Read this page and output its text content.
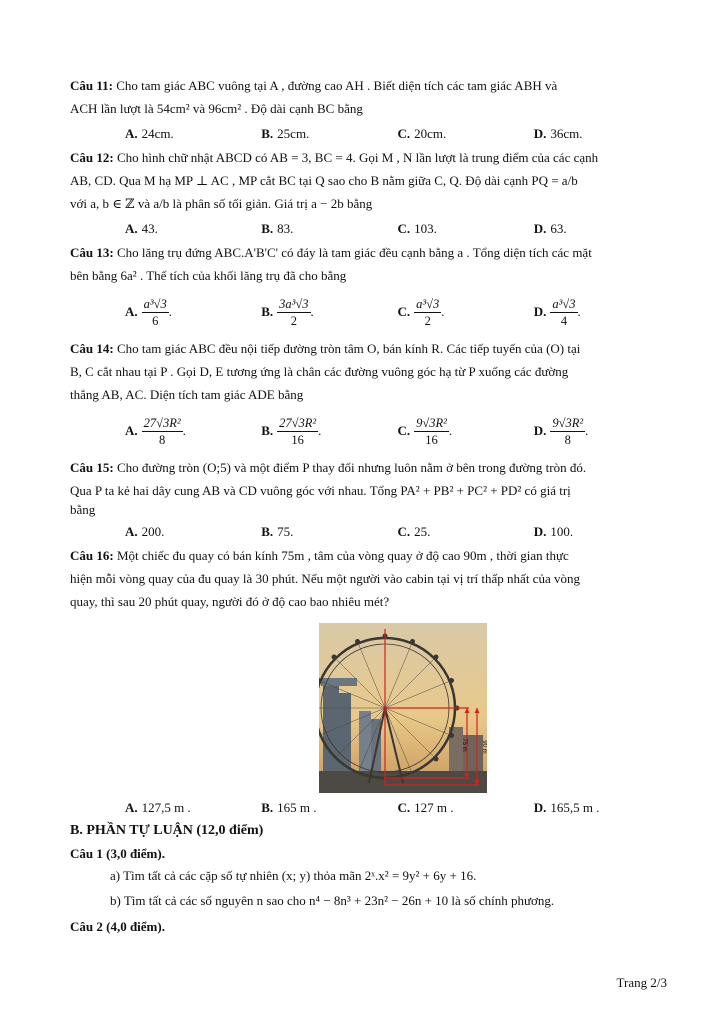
Câu 11: Cho tam giác ABC vuông tại A , đường cao AH . Biết diện tích các tam giác ABH và

ACH lần lượt là 54cm² và 96cm² . Độ dài cạnh BC bằng

A. 24cm.	B. 25cm.	C. 20cm.	D. 36cm.

Câu 12: Cho hình chữ nhật ABCD có AB = 3, BC = 4. Gọi M , N lần lượt là trung điểm của các cạnh

AB, CD. Qua M hạ MP ⊥ AC , MP cắt BC tại Q sao cho B nằm giữa C, Q. Độ dài cạnh PQ = a/b

với a, b ∈ ℤ và a/b là phân số tối giản. Giá trị a − 2b bằng

A. 43.	B. 83.	C. 103.	D. 63.

Câu 13: Cho lăng trụ đứng ABC.A'B'C' có đáy là tam giác đều cạnh bằng a . Tổng diện tích các mặt

bên bằng 6a² . Thể tích của khối lăng trụ đã cho bằng

A. $\frac{\text{a³√3}}{6}$ .	B. $\frac{\text{3a³√3}}{2}$ .	C. $\frac{\text{a³√3}}{2}$ .	D. $\frac{\text{a³√3}}{4}$ .

Câu 14: Cho tam giác ABC đều nội tiếp đường tròn tâm O, bán kính R. Các tiếp tuyến của (O) tại

B, C cắt nhau tại P . Gọi D, E tương ứng là chân các đường vuông góc hạ từ P xuống các đường

thẳng AB, AC. Diện tích tam giác ADE bằng

A. $\frac{\text{27√3R²}}{8}$ .	B. $\frac{\text{27√3R²}}{16}$ .	C. $\frac{\text{9√3R²}}{16}$ .	D. $\frac{\text{9√3R²}}{8}$ .

Câu 15: Cho đường tròn (O;5) và một điểm P thay đổi nhưng luôn nằm ở bên trong đường tròn đó.

Qua P ta kẻ hai dây cung AB và CD vuông góc với nhau. Tổng PA² + PB² + PC² + PD² có giá trị

bằng

A. 200.	B. 75.	C. 25.	D. 100.

Câu 16: Một chiếc đu quay có bán kính 75m , tâm của vòng quay ở độ cao 90m , thời gian thực

hiện mỗi vòng quay của đu quay là 30 phút. Nếu một người vào cabin tại vị trí thấp nhất của vòng

quay, thì sau 20 phút quay, người đó ở độ cao bao nhiêu mét?

75 m 90 m
A. 127,5 m .	B. 165 m .	C. 127 m .	D. 165,5 m .
B. PHẦN TỰ LUẬN (12,0 điểm)
Câu 1 (3,0 điểm).
a) Tìm tất cả các cặp số tự nhiên (x; y) thỏa mãn 2ˣ.x² = 9y² + 6y + 16.
b) Tìm tất cả các số nguyên n sao cho n⁴ − 8n³ + 23n² − 26n + 10 là số chính phương.
Câu 2 (4,0 điểm).
Trang 2/3
